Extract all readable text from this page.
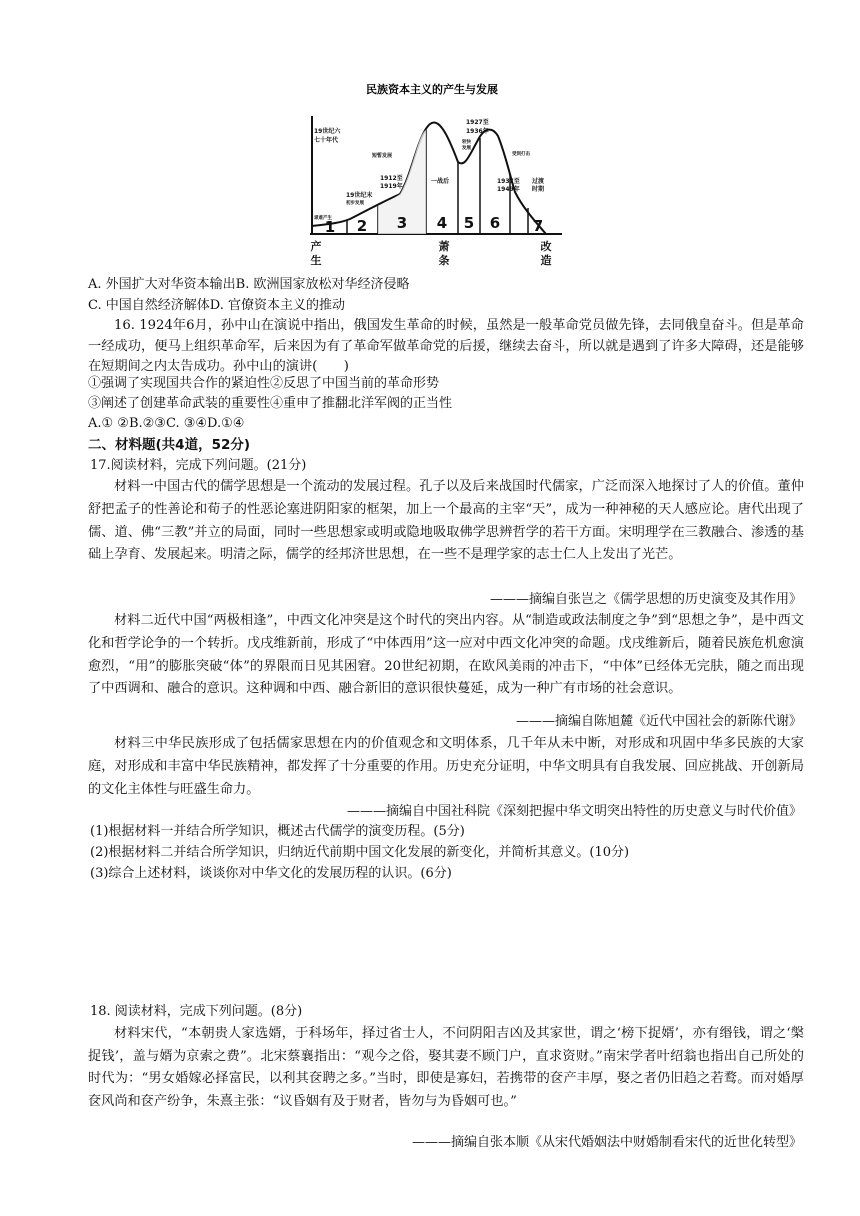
民族资本主义的产生与发展
19世纪六
七十年代
19世纪末
初步发展
短暂发展
1912至
1919年
一战后
1927至
1936年
较快
发展
受到打击
1937至
1949年
过渡
时期
艰难产生
1 2 3 4 5 6 7
产
生
萧
条
改
造
A. 外国扩大对华资本输出B. 欧洲国家放松对华经济侵略
C. 中国自然经济解体D. 官僚资本主义的推动

16. 1924年6月，孙中山在演说中指出，俄国发生革命的时候，虽然是一般革命党员做先锋，去同俄皇奋斗。但是革命一经成功，便马上组织革命军，后来因为有了革命军做革命党的后援，继续去奋斗，所以就是遇到了许多大障碍，还是能够在短期间之内太告成功。孙中山的演讲(　　)

①强调了实现国共合作的紧迫性②反思了中国当前的革命形势
③阐述了创建革命武装的重要性④重申了推翻北洋军阀的正当性
A.① ②B.②③C. ③④D.①④
二、材料题(共4道，52分)
17.阅读材料，完成下列问题。(21分)

材料一中国古代的儒学思想是一个流动的发展过程。孔子以及后来战国时代儒家，广泛而深入地探讨了人的价值。董仲舒把孟子的性善论和荀子的性恶论塞进阴阳家的框架，加上一个最高的主宰“天”，成为一种神秘的天人感应论。唐代出现了儒、道、佛“三教”并立的局面，同时一些思想家或明或隐地吸取佛学思辨哲学的若干方面。宋明理学在三教融合、渗透的基础上孕育、发展起来。明清之际，儒学的经邦济世思想，在一些不是理学家的志士仁人上发出了光芒。

———摘编自张岂之《儒学思想的历史演变及其作用》

材料二近代中国“两极相逢”，中西文化冲突是这个时代的突出内容。从“制造或政法制度之争”到“思想之争”，是中西文化和哲学论争的一个转折。戊戌维新前，形成了“中体西用”这一应对中西文化冲突的命题。戊戌维新后，随着民族危机愈演愈烈，“用”的膨胀突破“体”的界限而日见其困窘。20世纪初期，在欧风美雨的冲击下，“中体”已经体无完肤，随之而出现了中西调和、融合的意识。这种调和中西、融合新旧的意识很快蔓延，成为一种广有市场的社会意识。

———摘编自陈旭麓《近代中国社会的新陈代谢》

材料三中华民族形成了包括儒家思想在内的价值观念和文明体系，几千年从未中断，对形成和巩固中华多民族的大家庭，对形成和丰富中华民族精神，都发挥了十分重要的作用。历史充分证明，中华文明具有自我发展、回应挑战、开创新局的文化主体性与旺盛生命力。

———摘编自中国社科院《深刻把握中华文明突出特性的历史意义与时代价值》
(1)根据材料一并结合所学知识，概述古代儒学的演变历程。(5分)
(2)根据材料二并结合所学知识，归纳近代前期中国文化发展的新变化，并简析其意义。(10分)
(3)综合上述材料，谈谈你对中华文化的发展历程的认识。(6分)
18. 阅读材料，完成下列问题。(8分)

材料宋代，“本朝贵人家选婿，于科场年，择过省士人，不问阴阳吉凶及其家世，谓之‘榜下捉婿’，亦有缗钱，谓之‘槃捉钱’，盖与婿为京索之费”。北宋蔡襄指出：“观今之俗，娶其妻不顾门户，直求资财。”南宋学者叶绍翁也指出自己所处的时代为：“男女婚嫁必择富民，以利其奁聘之多。”当时，即使是寡妇，若携带的奁产丰厚，娶之者仍旧趋之若鹜。而对婚厚奁风尚和奁产纷争，朱熹主张：“议昏姻有及于财者，皆勿与为昏姻可也。”

———摘编自张本顺《从宋代婚姻法中财婚制看宋代的近世化转型》
